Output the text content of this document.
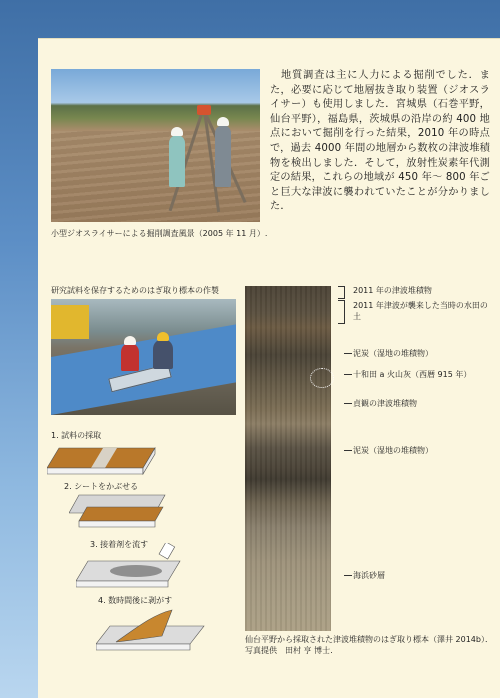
小型ジオスライサーによる掘削調査風景（2005 年 11 月）.
　地質調査は主に人力による掘削でした．また，必要に応じて地層抜き取り装置（ジオスライサー）も使用しました．宮城県（石巻平野，仙台平野），福島県，茨城県の沿岸の約 400 地点において掘削を行った結果，2010 年の時点で，過去 4000 年間の地層から数枚の津波堆積物を検出しました．そして，放射性炭素年代測定の結果，これらの地域が 450 年〜 800 年ごと巨大な津波に襲われていたことが分かりました．
研究試料を保存するためのはぎ取り標本の作製
1. 試料の採取
2. シートをかぶせる
3. 接着剤を流す
4. 数時間後に剥がす
2011 年の津波堆積物
2011 年津波が襲来した当時の水田の土
泥炭（湿地の堆積物）
十和田 a 火山灰（西暦 915 年）
貞観の津波堆積物
泥炭（湿地の堆積物）
海浜砂層
仙台平野から採取された津波堆積物のはぎ取り標本（澤井 2014b）．写真提供　田村 亨 博士.
